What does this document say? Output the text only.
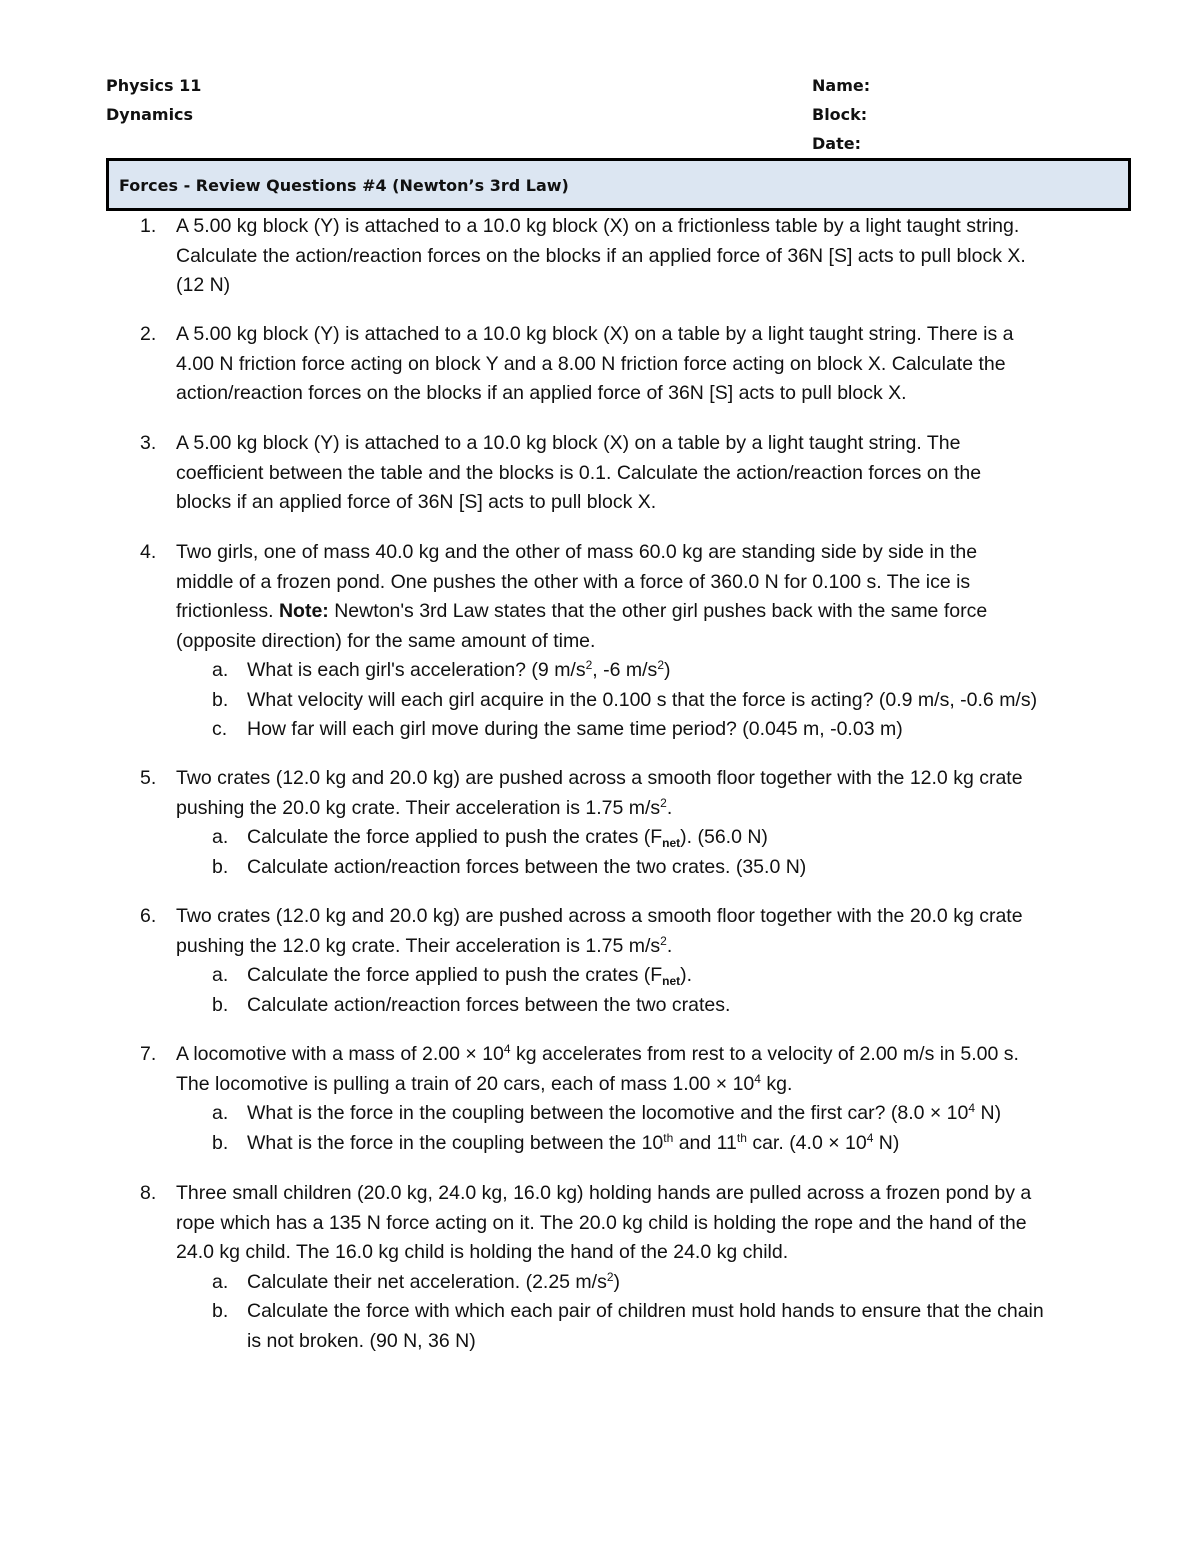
Physics 11
Dynamics
Name:
Block:
Date:
Forces - Review Questions #4 (Newton’s 3rd Law)
1.	A 5.00 kg block (Y) is attached to a 10.0 kg block (X) on a frictionless table by a light taught string.
Calculate the action/reaction forces on the blocks if an applied force of 36N [S] acts to pull block X.
(12 N)
2.	A 5.00 kg block (Y) is attached to a 10.0 kg block (X) on a table by a light taught string. There is a
4.00 N friction force acting on block Y and a 8.00 N friction force acting on block X. Calculate the
action/reaction forces on the blocks if an applied force of 36N [S] acts to pull block X.
3.	A 5.00 kg block (Y) is attached to a 10.0 kg block (X) on a table by a light taught string. The
coefficient between the table and the blocks is 0.1. Calculate the action/reaction forces on the
blocks if an applied force of 36N [S] acts to pull block X.
4.	Two girls, one of mass 40.0 kg and the other of mass 60.0 kg are standing side by side in the
middle of a frozen pond. One pushes the other with a force of 360.0 N for 0.100 s. The ice is
frictionless. Note: Newton's 3rd Law states that the other girl pushes back with the same force
(opposite direction) for the same amount of time.
a. What is each girl's acceleration? (9 $m/s^2$, -6 $m/s^2$)
b. What velocity will each girl acquire in the 0.100 s that the force is acting? (0.9 m/s, -0.6 m/s)
c.	How far will each girl move during the same time period? (0.045 m, -0.03 m)
5.	Two crates (12.0 kg and 20.0 kg) are pushed across a smooth floor together with the 12.0 kg crate
pushing the 20.0 kg crate. Their acceleration is 1.75 $m/s^2$.
a. Calculate the force applied to push the crates $(F_{net})$. (56.0 N)
b. Calculate action/reaction forces between the two crates. (35.0 N)
6.	Two crates (12.0 kg and 20.0 kg) are pushed across a smooth floor together with the 20.0 kg crate
pushing the 12.0 kg crate. Their acceleration is 1.75 $m/s^2$.
a. Calculate the force applied to push the crates $(F_{net})$.
b. Calculate action/reaction forces between the two crates.
7.	A locomotive with a mass of $2.00 \times 10^4$ kg accelerates from rest to a velocity of 2.00 m/s in 5.00 s.
The locomotive is pulling a train of 20 cars, each of mass $1.00 \times 10^4$ kg.
a. What is the force in the coupling between the locomotive and the first car? ($8.0 \times 10^4$ N)
b. What is the force in the coupling between the 10th and 11th car. ($4.0 \times 10^4$ N)
8.	Three small children (20.0 kg, 24.0 kg, 16.0 kg) holding hands are pulled across a frozen pond by a
rope which has a 135 N force acting on it. The 20.0 kg child is holding the rope and the hand of the
24.0 kg child. The 16.0 kg child is holding the hand of the 24.0 kg child.
a. Calculate their net acceleration. (2.25 $m/s^2$)
b. Calculate the force with which each pair of children must hold hands to ensure that the chain
is not broken. (90 N, 36 N)
